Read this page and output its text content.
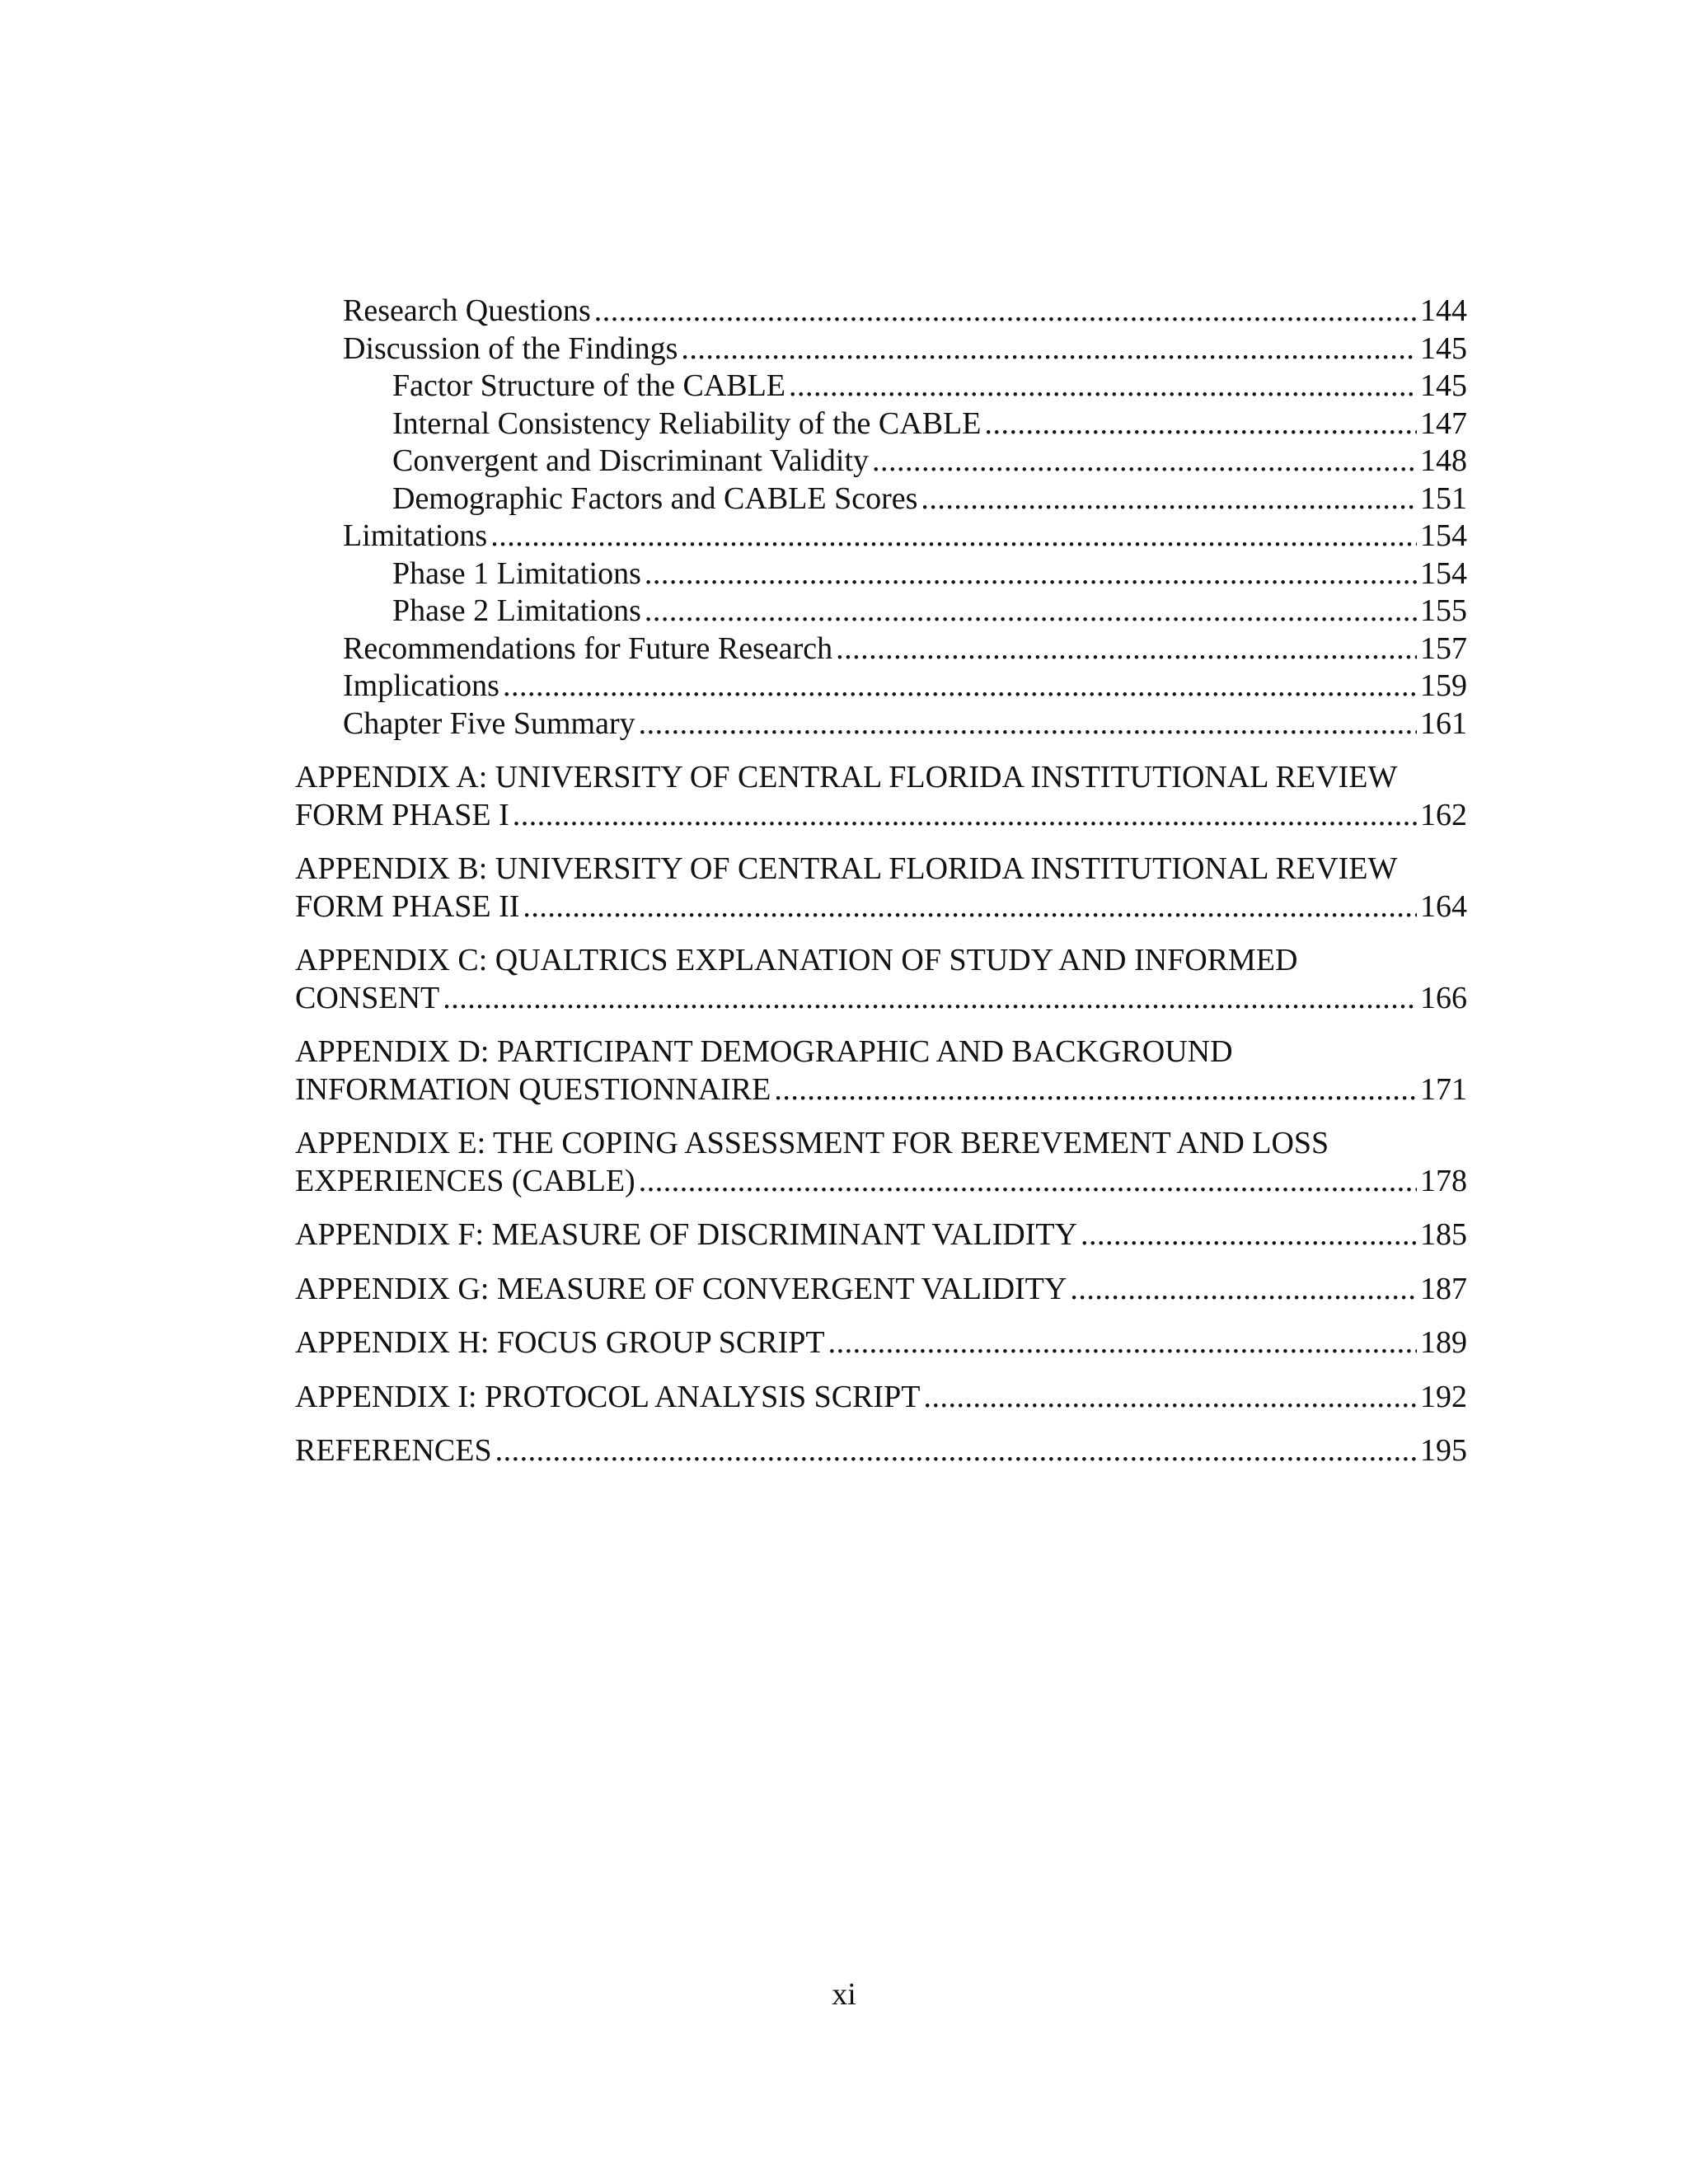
Research Questions . . .	144
Discussion of the Findings . . .	145
Factor Structure of the CABLE . . .	145
Internal Consistency Reliability of the CABLE . . .	147
Convergent and Discriminant Validity . . .	148
Demographic Factors and CABLE Scores . . .	151
Limitations . . .	154
Phase 1 Limitations . . .	154
Phase 2 Limitations . . .	155
Recommendations for Future Research . . .	157
Implications . . .	159
Chapter Five Summary . . .	161
APPENDIX A: UNIVERSITY OF CENTRAL FLORIDA INSTITUTIONAL REVIEW
FORM PHASE I . . .	162
APPENDIX B: UNIVERSITY OF CENTRAL FLORIDA INSTITUTIONAL REVIEW
FORM PHASE II . . .	164
APPENDIX C: QUALTRICS EXPLANATION OF STUDY AND INFORMED
CONSENT . . .	166
APPENDIX D: PARTICIPANT DEMOGRAPHIC AND BACKGROUND
INFORMATION QUESTIONNAIRE . . .	171
APPENDIX E: THE COPING ASSESSMENT FOR BEREVEMENT AND LOSS
EXPERIENCES (CABLE) . . .	178
APPENDIX F: MEASURE OF DISCRIMINANT VALIDITY . . .	185
APPENDIX G: MEASURE OF CONVERGENT VALIDITY . . .	187
APPENDIX H: FOCUS GROUP SCRIPT . . .	189
APPENDIX I: PROTOCOL ANALYSIS SCRIPT . . .	192
REFERENCES . . .	195
xi
